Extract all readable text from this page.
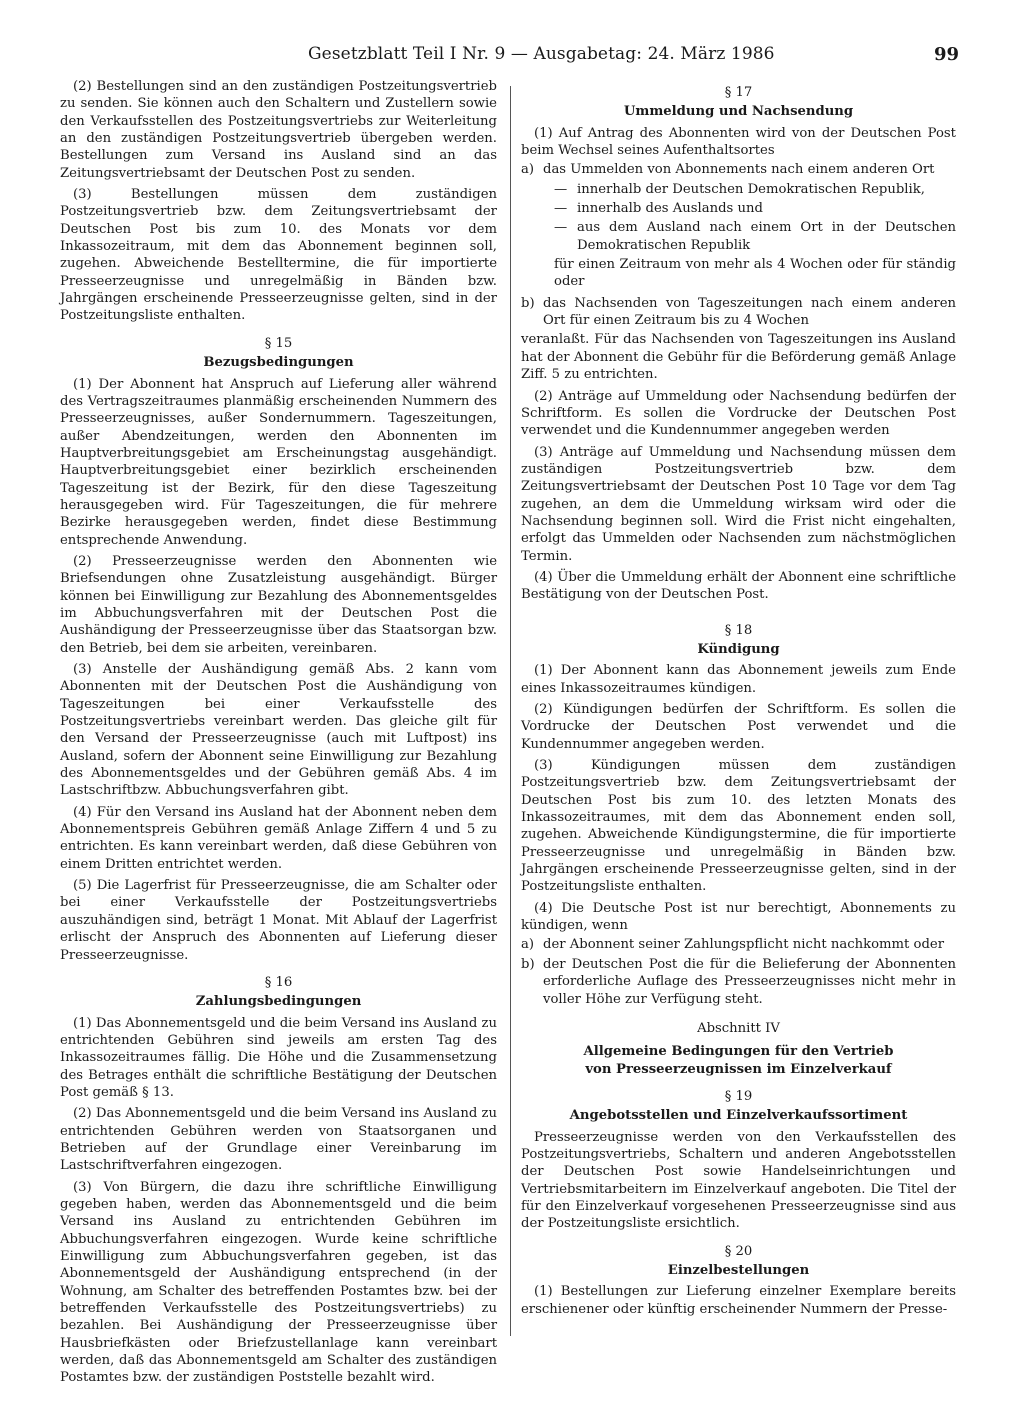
Gesetzblatt Teil I Nr. 9 — Ausgabetag: 24. März 1986	99

(2) Bestellungen sind an den zuständigen Postzeitungsvertrieb zu senden. Sie können auch den Schaltern und Zustellern sowie den Verkaufsstellen des Postzeitungsvertriebs zur Weiterleitung an den zuständigen Postzeitungsvertrieb übergeben werden. Bestellungen zum Versand ins Ausland sind an das Zeitungsvertriebsamt der Deutschen Post zu senden.

(3) Bestellungen müssen dem zuständigen Postzeitungsvertrieb bzw. dem Zeitungsvertriebsamt der Deutschen Post bis zum 10. des Monats vor dem Inkassozeitraum, mit dem das Abonnement beginnen soll, zugehen. Abweichende Bestelltermine, die für importierte Presseerzeugnisse und unregelmäßig in Bänden bzw. Jahrgängen erscheinende Presseerzeugnisse gelten, sind in der Postzeitungsliste enthalten.

§ 15
Bezugsbedingungen

(1) Der Abonnent hat Anspruch auf Lieferung aller während des Vertragszeitraumes planmäßig erscheinenden Nummern des Presseerzeugnisses, außer Sondernummern. Tageszeitungen, außer Abendzeitungen, werden den Abonnenten im Hauptverbreitungsgebiet am Erscheinungstag ausgehändigt. Hauptverbreitungsgebiet einer bezirklich erscheinenden Tageszeitung ist der Bezirk, für den diese Tageszeitung herausgegeben wird. Für Tageszeitungen, die für mehrere Bezirke herausgegeben werden, findet diese Bestimmung entsprechende Anwendung.

(2) Presseerzeugnisse werden den Abonnenten wie Briefsendungen ohne Zusatzleistung ausgehändigt. Bürger können bei Einwilligung zur Bezahlung des Abonnementsgeldes im Abbuchungsverfahren mit der Deutschen Post die Aushändigung der Presseerzeugnisse über das Staatsorgan bzw. den Betrieb, bei dem sie arbeiten, vereinbaren.

(3) Anstelle der Aushändigung gemäß Abs. 2 kann vom Abonnenten mit der Deutschen Post die Aushändigung von Tageszeitungen bei einer Verkaufsstelle des Postzeitungsvertriebs vereinbart werden. Das gleiche gilt für den Versand der Presseerzeugnisse (auch mit Luftpost) ins Ausland, sofern der Abonnent seine Einwilligung zur Bezahlung des Abonnementsgeldes und der Gebühren gemäß Abs. 4 im Lastschriftbzw. Abbuchungsverfahren gibt.

(4) Für den Versand ins Ausland hat der Abonnent neben dem Abonnementspreis Gebühren gemäß Anlage Ziffern 4 und 5 zu entrichten. Es kann vereinbart werden, daß diese Gebühren von einem Dritten entrichtet werden.

(5) Die Lagerfrist für Presseerzeugnisse, die am Schalter oder bei einer Verkaufsstelle der Postzeitungsvertriebs auszuhändigen sind, beträgt 1 Monat. Mit Ablauf der Lagerfrist erlischt der Anspruch des Abonnenten auf Lieferung dieser Presseerzeugnisse.

§ 16
Zahlungsbedingungen

(1) Das Abonnementsgeld und die beim Versand ins Ausland zu entrichtenden Gebühren sind jeweils am ersten Tag des Inkassozeitraumes fällig. Die Höhe und die Zusammensetzung des Betrages enthält die schriftliche Bestätigung der Deutschen Post gemäß § 13.

(2) Das Abonnementsgeld und die beim Versand ins Ausland zu entrichtenden Gebühren werden von Staatsorganen und Betrieben auf der Grundlage einer Vereinbarung im Lastschriftverfahren eingezogen.

(3) Von Bürgern, die dazu ihre schriftliche Einwilligung gegeben haben, werden das Abonnementsgeld und die beim Versand ins Ausland zu entrichtenden Gebühren im Abbuchungsverfahren eingezogen. Wurde keine schriftliche Einwilligung zum Abbuchungsverfahren gegeben, ist das Abonnementsgeld der Aushändigung entsprechend (in der Wohnung, am Schalter des betreffenden Postamtes bzw. bei der betreffenden Verkaufsstelle des Postzeitungsvertriebs) zu bezahlen. Bei Aushändigung der Presseerzeugnisse über Hausbriefkästen oder Briefzustellanlage kann vereinbart werden, daß das Abonnementsgeld am Schalter des zuständigen Postamtes bzw. der zuständigen Poststelle bezahlt wird.

§ 17
Ummeldung und Nachsendung

(1) Auf Antrag des Abonnenten wird von der Deutschen Post beim Wechsel seines Aufenthaltsortes

a) das Ummelden von Abonnements nach einem anderen Ort
— innerhalb der Deutschen Demokratischen Republik,
— innerhalb des Auslands und
— aus dem Ausland nach einem Ort in der Deutschen Demokratischen Republik

für einen Zeitraum von mehr als 4 Wochen oder für ständig oder

b) das Nachsenden von Tageszeitungen nach einem anderen Ort für einen Zeitraum bis zu 4 Wochen

veranlaßt. Für das Nachsenden von Tageszeitungen ins Ausland hat der Abonnent die Gebühr für die Beförderung gemäß Anlage Ziff. 5 zu entrichten.

(2) Anträge auf Ummeldung oder Nachsendung bedürfen der Schriftform. Es sollen die Vordrucke der Deutschen Post verwendet und die Kundennummer angegeben werden

(3) Anträge auf Ummeldung und Nachsendung müssen dem zuständigen Postzeitungsvertrieb bzw. dem Zeitungsvertriebsamt der Deutschen Post 10 Tage vor dem Tag zugehen, an dem die Ummeldung wirksam wird oder die Nachsendung beginnen soll. Wird die Frist nicht eingehalten, erfolgt das Ummelden oder Nachsenden zum nächstmöglichen Termin.

(4) Über die Ummeldung erhält der Abonnent eine schriftliche Bestätigung von der Deutschen Post.

§ 18
Kündigung

(1) Der Abonnent kann das Abonnement jeweils zum Ende eines Inkassozeitraumes kündigen.

(2) Kündigungen bedürfen der Schriftform. Es sollen die Vordrucke der Deutschen Post verwendet und die Kundennummer angegeben werden.

(3) Kündigungen müssen dem zuständigen Postzeitungsvertrieb bzw. dem Zeitungsvertriebsamt der Deutschen Post bis zum 10. des letzten Monats des Inkassozeitraumes, mit dem das Abonnement enden soll, zugehen. Abweichende Kündigungstermine, die für importierte Presseerzeugnisse und unregelmäßig in Bänden bzw. Jahrgängen erscheinende Presseerzeugnisse gelten, sind in der Postzeitungsliste enthalten.

(4) Die Deutsche Post ist nur berechtigt, Abonnements zu kündigen, wenn

a) der Abonnent seiner Zahlungspflicht nicht nachkommt oder
b) der Deutschen Post die für die Belieferung der Abonnenten erforderliche Auflage des Presseerzeugnisses nicht mehr in voller Höhe zur Verfügung steht.
Abschnitt IV
Allgemeine Bedingungen für den Vertrieb
von Presseerzeugnissen im Einzelverkauf
§ 19
Angebotsstellen und Einzelverkaufssortiment

Presseerzeugnisse werden von den Verkaufsstellen des Postzeitungsvertriebs, Schaltern und anderen Angebotsstellen der Deutschen Post sowie Handelseinrichtungen und Vertriebsmitarbeitern im Einzelverkauf angeboten. Die Titel der für den Einzelverkauf vorgesehenen Presseerzeugnisse sind aus der Postzeitungsliste ersichtlich.

§ 20
Einzelbestellungen

(1) Bestellungen zur Lieferung einzelner Exemplare bereits erschienener oder künftig erscheinender Nummern der Presse-
